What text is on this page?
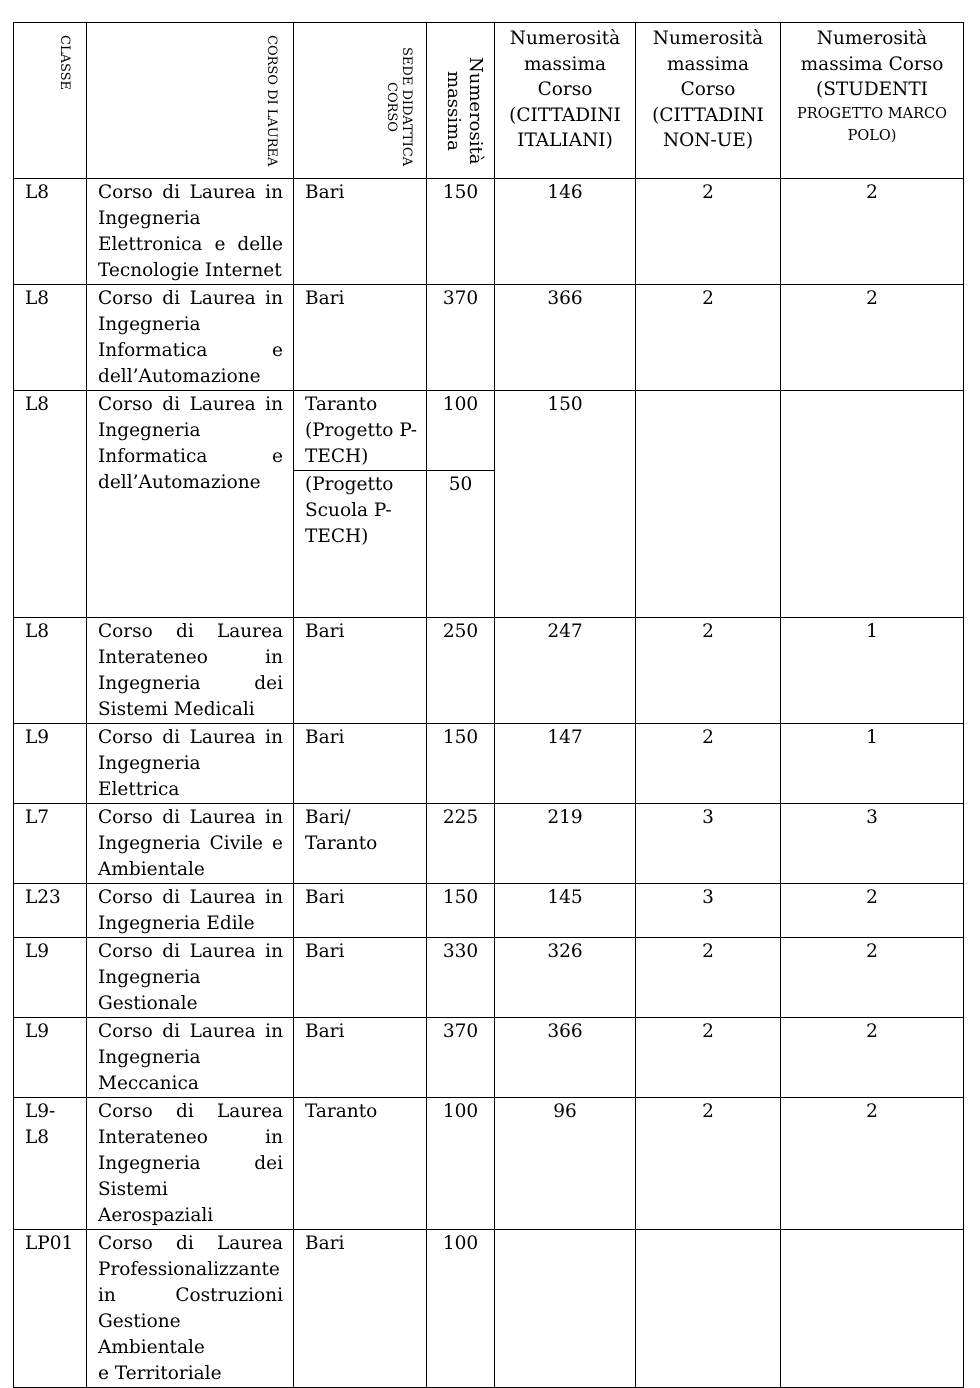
CLASSE	CORSO DI LAUREA	SEDE DIDATTICA CORSO	Numerosità massima	Numerosità
massima
Corso
(CITTADINI
ITALIANI)	Numerosità
massima
Corso
(CITTADINI
NON-UE)	Numerosità
massima Corso
(STUDENTI
PROGETTO MARCO
POLO)

L8	Corso di Laurea in
Ingegneria
Elettronica e delle
Tecnologie Internet	Bari	150	146	2	2

L8	Corso di Laurea in
Ingegneria
Informatica e
dell’Automazione	Bari	370	366	2	2

L8	Corso di Laurea in
Ingegneria
Informatica e
dell’Automazione	Taranto (Progetto P-TECH)	100	150		
		(Progetto Scuola P-TECH)	50			

L8	Corso di Laurea
Interateneo in
Ingegneria dei
Sistemi Medicali	Bari	250	247	2	1

L9	Corso di Laurea in
Ingegneria Elettrica	Bari	150	147	2	1

L7	Corso di Laurea in
Ingegneria Civile e
Ambientale	Bari/ Taranto	225	219	3	3

L23	Corso di Laurea in
Ingegneria Edile	Bari	150	145	3	2

L9	Corso di Laurea in
Ingegneria
Gestionale	Bari	330	326	2	2

L9	Corso di Laurea in
Ingegneria
Meccanica	Bari	370	366	2	2

L9-
L8	Corso di Laurea
Interateneo in
Ingegneria dei
Sistemi Aerospaziali	Taranto	100	96	2	2

LP01	Corso di Laurea
Professionalizzante
in Costruzioni
Gestione Ambientale
e Territoriale	Bari	100			
